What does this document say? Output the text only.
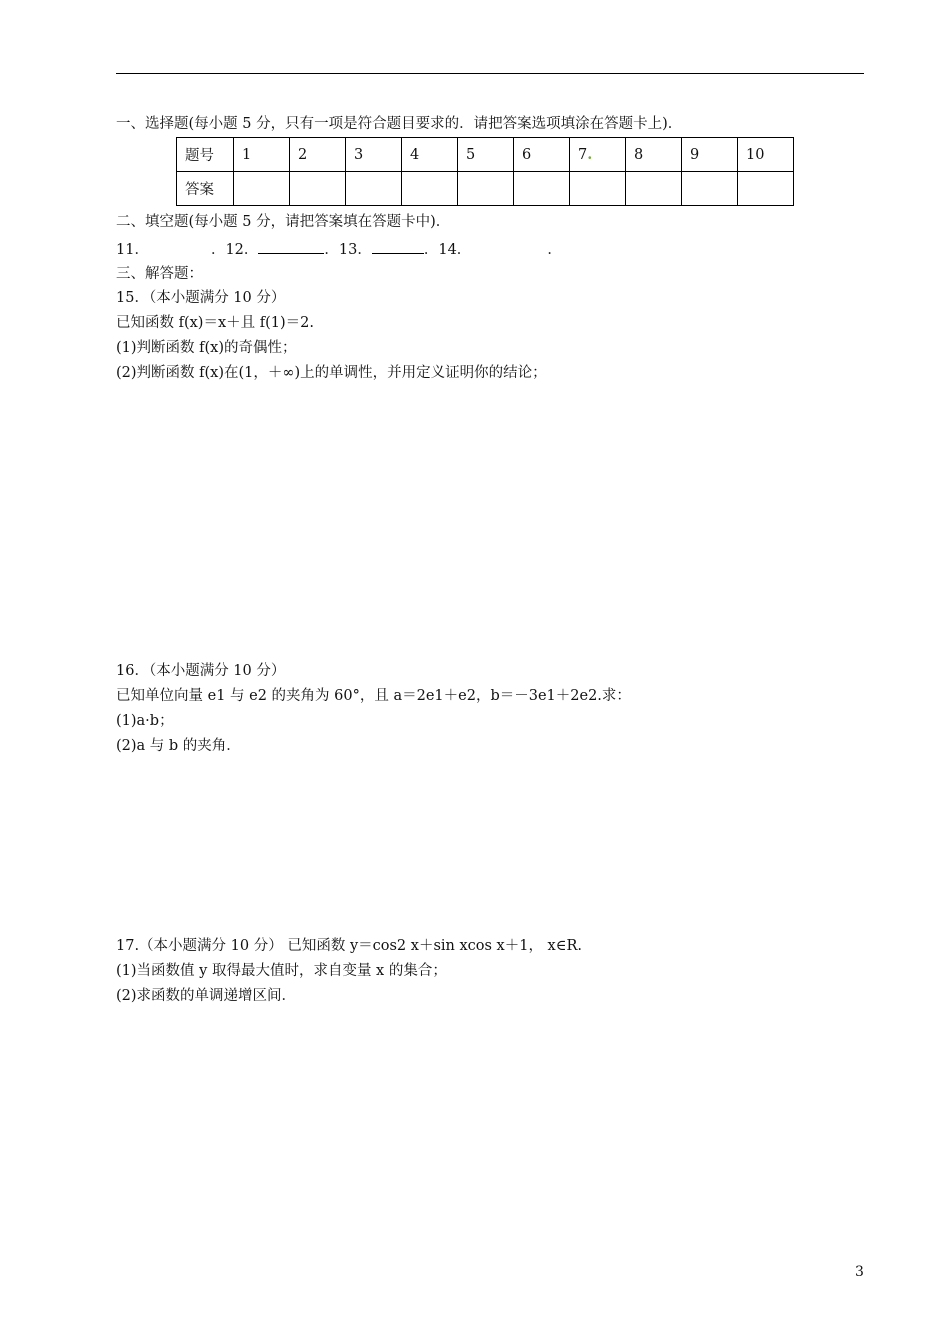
一、选择题(每小题 5 分，只有一项是符合题目要求的．请把答案选项填涂在答题卡上)．
题号	1	2	3	4	5	6	7.	8	9	10
答案										
二、填空题(每小题 5 分，请把答案填在答题卡中)．
11．	．12．	．13．	．14．	．
三、解答题：
15．（本小题满分 10 分）
已知函数 f(x)＝x＋且 f(1)＝2.
(1)判断函数 f(x)的奇偶性；
(2)判断函数 f(x)在(1，＋∞)上的单调性，并用定义证明你的结论；
16．（本小题满分 10 分）
已知单位向量 e1 与 e2 的夹角为 60°，且 a＝2e1＋e2，b＝－3e1＋2e2.求：
(1)a·b；
(2)a 与 b 的夹角．
17.（本小题满分 10 分） 已知函数 y＝cos2 x＋sin xcos x＋1， x∈R.
(1)当函数值 y 取得最大值时，求自变量 x 的集合；
(2)求函数的单调递增区间．
3
